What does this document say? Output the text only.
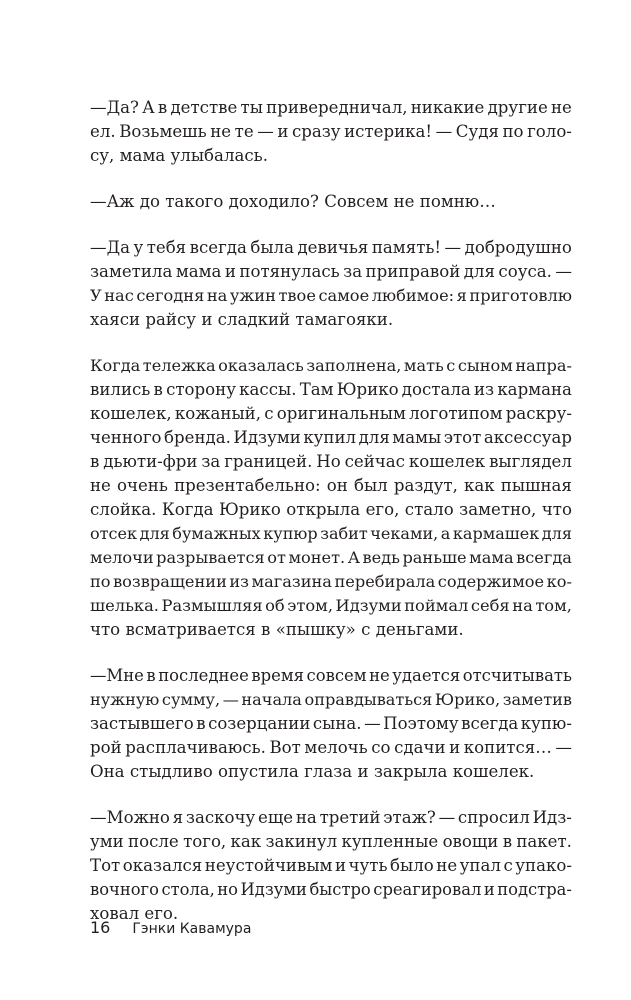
—Да? А в детстве ты привередничал, никакие другие не
ел. Возьмешь не те — и сразу истерика! — Судя по голо-
су, мама улыбалась.
—Аж до такого доходило? Совсем не помню…
—Да у тебя всегда была девичья память! — добродушно
заметила мама и потянулась за приправой для соуса. —
У нас сегодня на ужин твое самое любимое: я приготовлю
хаяси райсу и сладкий тамагояки.
Когда тележка оказалась заполнена, мать с сыном напра-
вились в сторону кассы. Там Юрико достала из кармана
кошелек, кожаный, с оригинальным логотипом раскру-
ченного бренда. Идзуми купил для мамы этот аксессуар
в дьюти-фри за границей. Но сейчас кошелек выглядел
не очень презентабельно: он был раздут, как пышная
слойка. Когда Юрико открыла его, стало заметно, что
отсек для бумажных купюр забит чеками, а кармашек для
мелочи разрывается от монет. А ведь раньше мама всегда
по возвращении из магазина перебирала содержимое ко-
шелька. Размышляя об этом, Идзуми поймал себя на том,
что всматривается в «пышку» с деньгами.
—Мне в последнее время совсем не удается отсчитывать
нужную сумму, — начала оправдываться Юрико, заметив
застывшего в созерцании сына. — Поэтому всегда купю-
рой расплачиваюсь. Вот мелочь со сдачи и копится… —
Она стыдливо опустила глаза и закрыла кошелек.
—Можно я заскочу еще на третий этаж? — спросил Идз-
уми после того, как закинул купленные овощи в пакет.
Тот оказался неустойчивым и чуть было не упал с упако-
вочного стола, но Идзуми быстро среагировал и подстра-
ховал его.
16 Гэнки Кавамура
